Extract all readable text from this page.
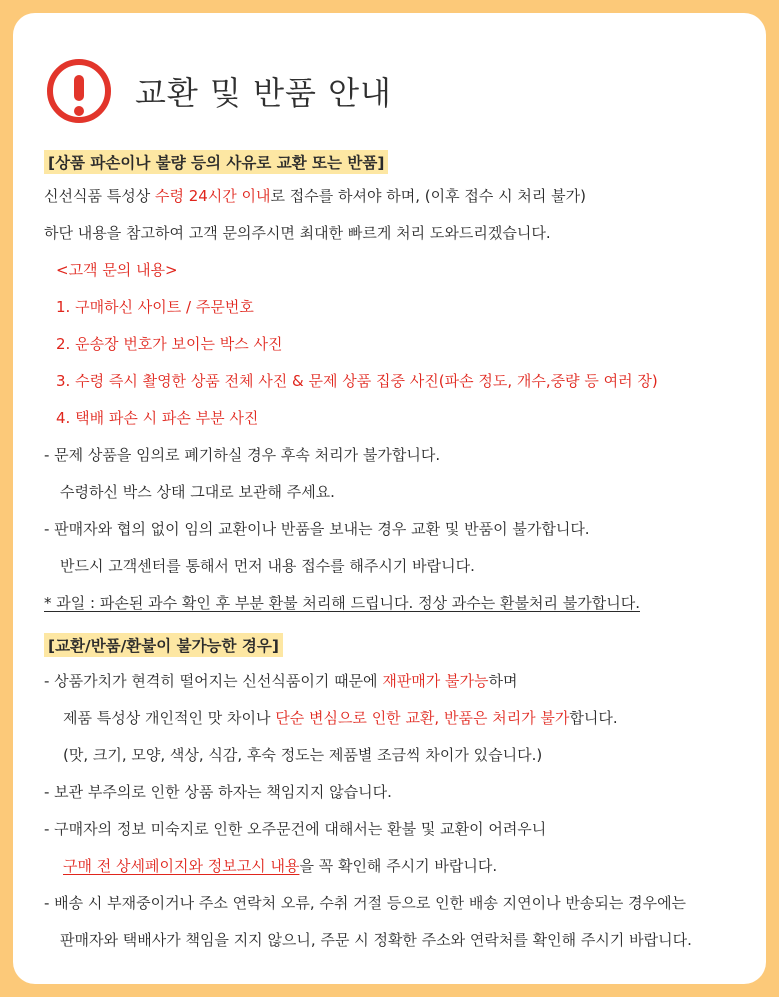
교환 및 반품 안내
[상품 파손이나 불량 등의 사유로 교환 또는 반품]
신선식품 특성상 수령 24시간 이내로 접수를 하셔야 하며, (이후 접수 시 처리 불가)
하단 내용을 참고하여 고객 문의주시면 최대한 빠르게 처리 도와드리겠습니다.
<고객 문의 내용>
1. 구매하신 사이트 / 주문번호
2. 운송장 번호가 보이는 박스 사진
3. 수령 즉시 촬영한 상품 전체 사진 & 문제 상품 집중 사진(파손 정도, 개수,중량 등 여러 장)
4. 택배 파손 시 파손 부분 사진
- 문제 상품을 임의로 폐기하실 경우 후속 처리가 불가합니다.
수령하신 박스 상태 그대로 보관해 주세요.
- 판매자와 협의 없이 임의 교환이나 반품을 보내는 경우 교환 및 반품이 불가합니다.
반드시 고객센터를 통해서 먼저 내용 접수를 해주시기 바랍니다.
* 과일 : 파손된 과수 확인 후 부분 환불 처리해 드립니다. 정상 과수는 환불처리 불가합니다.
[교환/반품/환불이 불가능한 경우]
- 상품가치가 현격히 떨어지는 신선식품이기 때문에 재판매가 불가능하며
제품 특성상 개인적인 맛 차이나 단순 변심으로 인한 교환, 반품은 처리가 불가합니다.
(맛, 크기, 모양, 색상, 식감, 후숙 정도는 제품별 조금씩 차이가 있습니다.)
- 보관 부주의로 인한 상품 하자는 책임지지 않습니다.
- 구매자의 정보 미숙지로 인한 오주문건에 대해서는 환불 및 교환이 어려우니
구매 전 상세페이지와 정보고시 내용을 꼭 확인해 주시기 바랍니다.
- 배송 시 부재중이거나 주소 연락처 오류, 수취 거절 등으로 인한 배송 지연이나 반송되는 경우에는
판매자와 택배사가 책임을 지지 않으니, 주문 시 정확한 주소와 연락처를 확인해 주시기 바랍니다.
